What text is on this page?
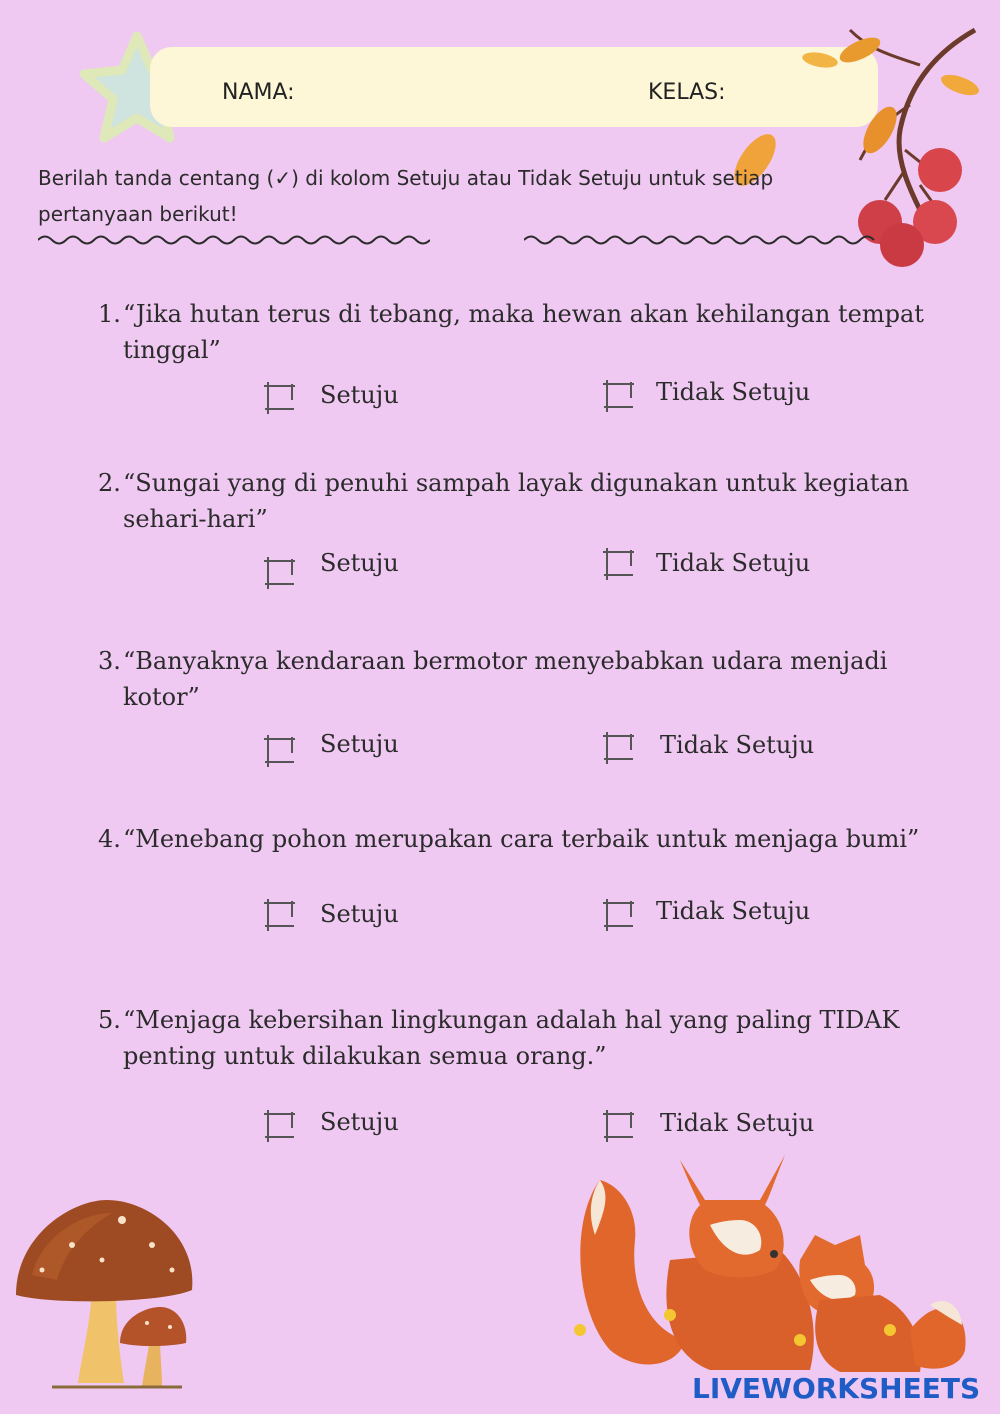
NAMA:	KELAS:
Berilah tanda centang (✓) di kolom Setuju atau Tidak Setuju untuk setiap
pertanyaan berikut!
1.“Jika hutan terus di tebang, maka hewan akan kehilangan tempat
tinggal”
Setuju	Tidak Setuju
2.“Sungai yang di penuhi sampah layak digunakan untuk kegiatan
sehari-hari”
Setuju	Tidak Setuju
3.“Banyaknya kendaraan bermotor menyebabkan udara menjadi
kotor”
Setuju	Tidak Setuju
4.“Menebang pohon merupakan cara terbaik untuk menjaga bumi”
Setuju	Tidak Setuju
5.“Menjaga kebersihan lingkungan adalah hal yang paling TIDAK
penting untuk dilakukan semua orang.”
Setuju	Tidak Setuju
LIVEWORKSHEETS
